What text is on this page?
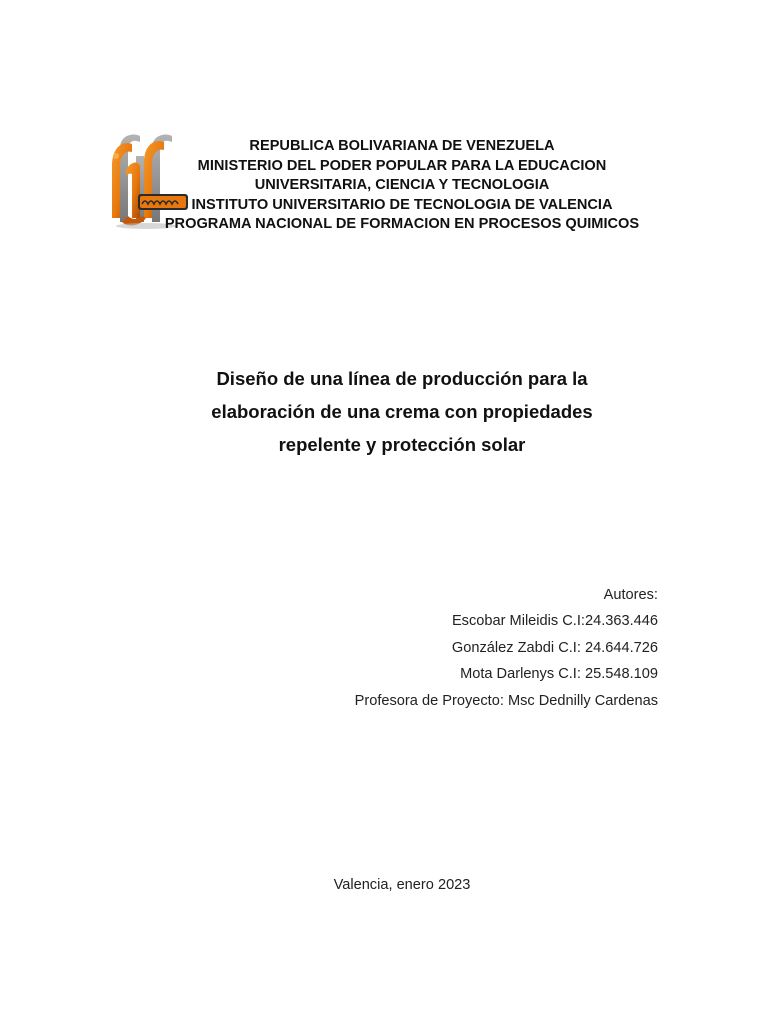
REPUBLICA BOLIVARIANA DE VENEZUELA
MINISTERIO DEL PODER POPULAR PARA LA EDUCACION
UNIVERSITARIA, CIENCIA Y TECNOLOGIA
INSTITUTO UNIVERSITARIO DE TECNOLOGIA DE VALENCIA
PROGRAMA NACIONAL DE FORMACION EN PROCESOS QUIMICOS
Diseño de una línea de producción para la
elaboración de una crema con propiedades
repelente y protección solar
Autores:
Escobar Mileidis C.I:24.363.446
González Zabdi C.I: 24.644.726
Mota Darlenys C.I: 25.548.109
Profesora de Proyecto: Msc Dednilly Cardenas
Valencia, enero 2023
